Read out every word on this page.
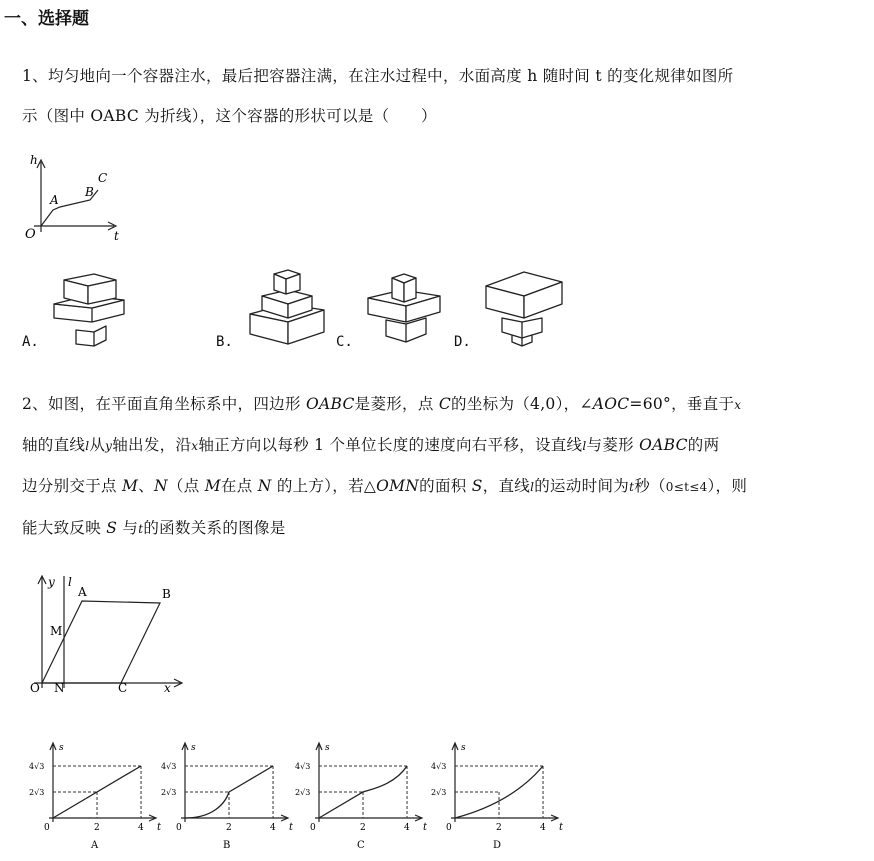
一、选择题
1、均匀地向一个容器注水，最后把容器注满，在注水过程中，水面高度 h 随时间 t 的变化规律如图所
示（图中 OABC 为折线），这个容器的形状可以是（　　）
h
t
O
A
B
C
A.	B.	C.	D.
2、如图，在平面直角坐标系中，四边形 OABC是菱形，点 C的坐标为（4,0），∠AOC=60°，垂直于x
轴的直线l从y轴出发，沿x轴正方向以每秒 1 个单位长度的速度向右平移，设直线l与菱形 OABC的两
边分别交于点 M、N（点 M在点 N 的上方），若△OMN的面积 S，直线l的运动时间为t秒（0≤t≤4），则
能大致反映 S 与t的函数关系的图像是
y l
A	B
M
O N	C	x
s
t
0	2	4
4√3
2√3
A
s
t
0	2	4
4√3
2√3
B
s
t
0	2	4
4√3
2√3
C
s
t
0	2	4
4√3
2√3
D
